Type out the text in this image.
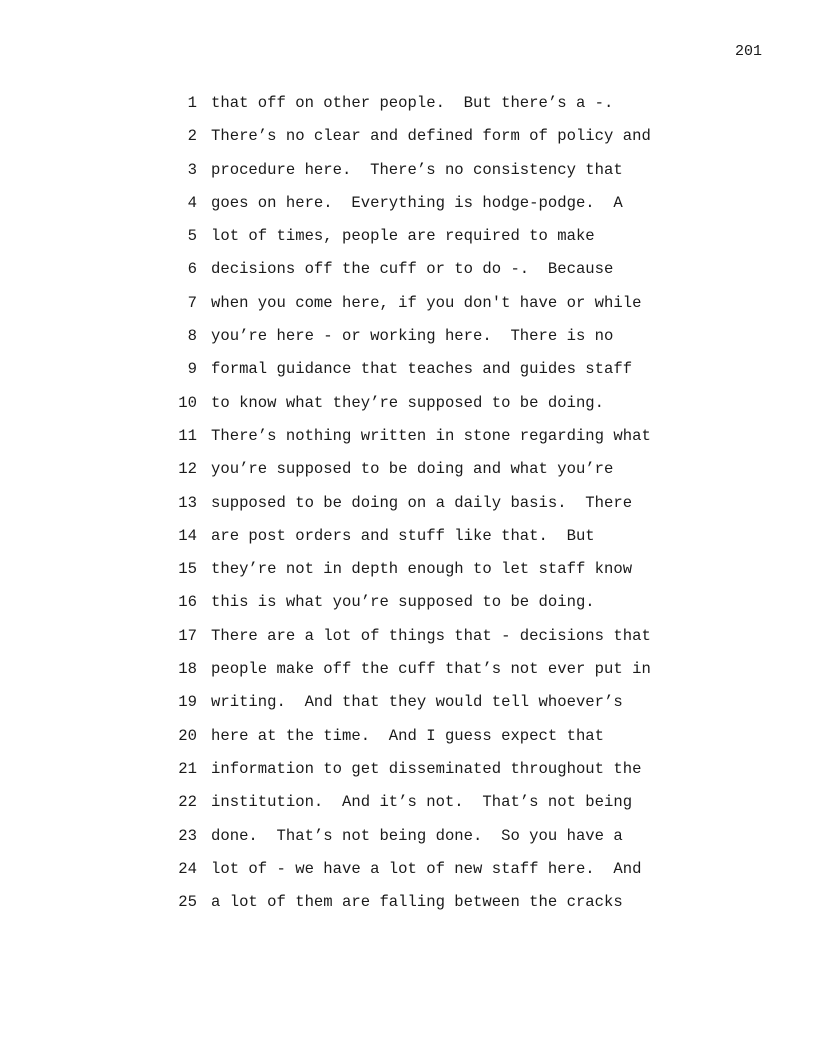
201
1 that off on other people.  But there’s a -.
2 There’s no clear and defined form of policy and
3 procedure here.  There’s no consistency that
4 goes on here.  Everything is hodge-podge.  A
5 lot of times, people are required to make
6 decisions off the cuff or to do -.  Because
7 when you come here, if you don't have or while
8 you’re here - or working here.  There is no
9 formal guidance that teaches and guides staff
10 to know what they’re supposed to be doing.
11 There’s nothing written in stone regarding what
12 you’re supposed to be doing and what you’re
13 supposed to be doing on a daily basis.  There
14 are post orders and stuff like that.  But
15 they’re not in depth enough to let staff know
16 this is what you’re supposed to be doing.
17 There are a lot of things that - decisions that
18 people make off the cuff that’s not ever put in
19 writing.  And that they would tell whoever’s
20 here at the time.  And I guess expect that
21 information to get disseminated throughout the
22 institution.  And it’s not.  That’s not being
23 done.  That’s not being done.  So you have a
24 lot of - we have a lot of new staff here.  And
25 a lot of them are falling between the cracks
